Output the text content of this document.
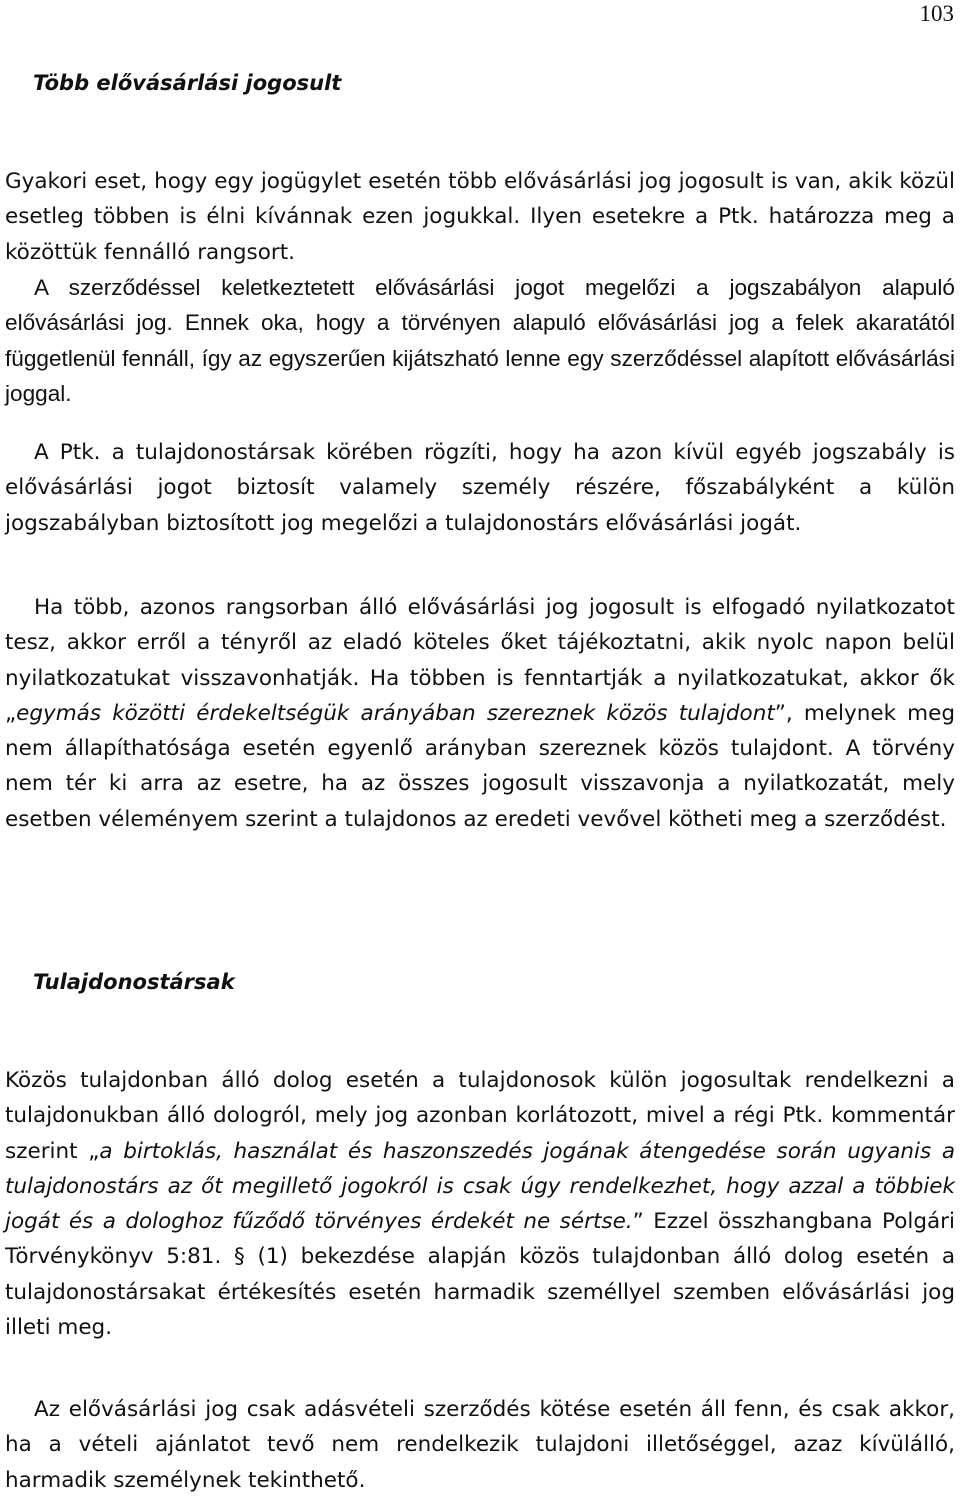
103
Több elővásárlási jogosult

Gyakori eset, hogy egy jogügylet esetén több elővásárlási jog jogosult is van, akik közül esetleg többen is élni kívánnak ezen jogukkal. Ilyen esetekre a Ptk. határozza meg a közöttük fennálló rangsort.

A szerződéssel keletkeztetett elővásárlási jogot megelőzi a jogszabályon alapuló elővásárlási jog. Ennek oka, hogy a törvényen alapuló elővásárlási jog a felek akaratától függetlenül fennáll, így az egyszerűen kijátszható lenne egy szerződéssel alapított elővásárlási joggal.

A Ptk. a tulajdonostársak körében rögzíti, hogy ha azon kívül egyéb jogszabály is elővásárlási jogot biztosít valamely személy részére, főszabályként a külön jogszabályban biztosított jog megelőzi a tulajdonostárs elővásárlási jogát.

Ha több, azonos rangsorban álló elővásárlási jog jogosult is elfogadó nyilatkozatot tesz, akkor erről a tényről az eladó köteles őket tájékoztatni, akik nyolc napon belül nyilatkozatukat visszavonhatják. Ha többen is fenntartják a nyilatkozatukat, akkor ők „egymás közötti érdekeltségük arányában szereznek közös tulajdont”, melynek meg nem állapíthatósága esetén egyenlő arányban szereznek közös tulajdont. A törvény nem tér ki arra az esetre, ha az összes jogosult visszavonja a nyilatkozatát, mely esetben véleményem szerint a tulajdonos az eredeti vevővel kötheti meg a szerződést.

Tulajdonostársak

Közös tulajdonban álló dolog esetén a tulajdonosok külön jogosultak rendelkezni a tulajdonukban álló dologról, mely jog azonban korlátozott, mivel a régi Ptk. kommentár szerint „a birtoklás, használat és haszonszedés jogának átengedése során ugyanis a tulajdonostárs az őt megillető jogokról is csak úgy rendelkezhet, hogy azzal a többiek jogát és a dologhoz fűződő törvényes érdekét ne sértse.” Ezzel összhangbana Polgári Törvénykönyv 5:81. § (1) bekezdése alapján közös tulajdonban álló dolog esetén a tulajdonostársakat értékesítés esetén harmadik személlyel szemben elővásárlási jog illeti meg.

Az elővásárlási jog csak adásvételi szerződés kötése esetén áll fenn, és csak akkor, ha a vételi ajánlatot tevő nem rendelkezik tulajdoni illetőséggel, azaz kívülálló, harmadik személynek tekinthető.
